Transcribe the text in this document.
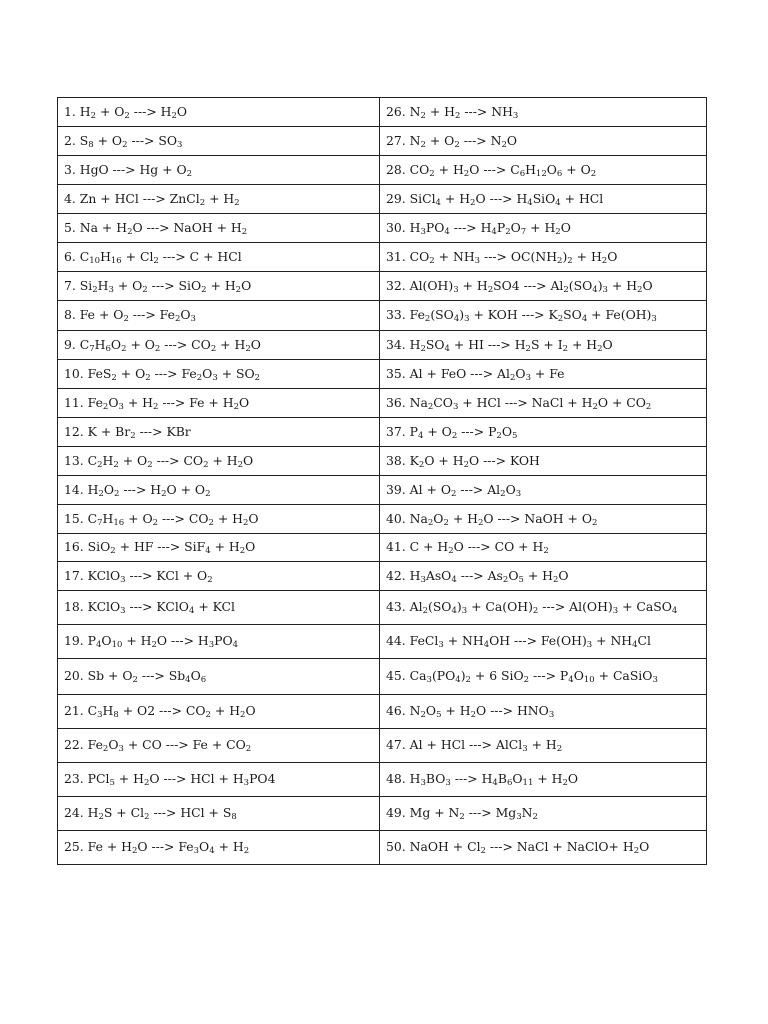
1. $H_2 + O_2$ ---> $H_2O$	26. $N_2 + H_2$ ---> $NH_3$
2. $S_8 + O_2$ ---> $SO_3$	27. $N_2 + O_2$ ---> $N_2O$
3. HgO ---> $Hg + O_2$	28. $CO_2 + H_2O$ ---> $C_6H_{12}O_6 + O_2$
4. Zn + HCl ---> ZnCl$_2$ + $H_2$	29. SiCl$_4$ + $H_2O$ ---> $H_4SiO_4$ + HCl
5. $Na + H_2O$ ---> NaOH + $H_2$	30. $H_3PO_4$ ---> $H_4P_2O_7 + H_2O$
6. $C_{10}H_{16} + Cl_2$ ---> C + HCl	31. $CO_2 + NH_3$ ---> $OC(NH_2)_2 + H_2O$
7. $Si_2H_3 + O_2$ ---> $SiO_2 + H_2O$	32. $Al(OH)_3 + H_2SO4$ ---> $Al_2(SO_4)_3 + H_2O$
8. $Fe + O_2$ ---> $Fe_2O_3$	33. $Fe_2(SO_4)_3$ + KOH ---> $K_2SO_4 + Fe(OH)_3$
9. $C_7H_6O_2 + O_2$ ---> $CO_2 + H_2O$	34. $H_2SO_4$ + HI ---> $H_2S + I_2 + H_2O$
10. $FeS_2 + O_2$ ---> $Fe_2O_3 + SO_2$	35. Al + FeO ---> $Al_2O_3 + Fe$
11. $Fe_2O_3 + H_2$ ---> $Fe + H_2O$	36. $Na_2CO_3$ + HCl ---> NaCl + $H_2O + CO_2$
12. $K + Br_2$ ---> KBr	37. $P_4 + O_2$ ---> $P_2O_5$
13. $C_2H_2 + O_2$ ---> $CO_2 + H_2O$	38. $K_2O + H_2O$ ---> KOH
14. $H_2O_2$ ---> $H_2O + O_2$	39. $Al + O_2$ ---> $Al_2O_3$
15. $C_7H_{16} + O_2$ ---> $CO_2 + H_2O$	40. $Na_2O_2 + H_2O$ ---> NaOH + $O_2$
16. SiO$_2$ + HF ---> $SiF_4 + H_2O$	41. $C + H_2O$ ---> CO + $H_2$
17. KClO$_3$ ---> KCl + $O_2$	42. $H_3AsO_4$ ---> $As_2O_5 + H_2O$
18. KClO$_3$ ---> KClO$_4$ + KCl	43. $Al_2(SO_4)_3 + Ca(OH)_2$ ---> $Al(OH)_3$ + CaSO$_4$
19. $P_4O_{10} + H_2O$ ---> $H_3PO_4$	44. FeCl$_3$ + $NH_4OH$ ---> $Fe(OH)_3 + NH_4Cl$
20. $Sb + O_2$ ---> $Sb_4O_6$	45. $Ca_3(PO_4)_2 + 6$ SiO$_2$ ---> $P_4O_{10}$ + CaSiO$_3$
21. $C_3H_8 + O2$ ---> $CO_2 + H_2O$	46. $N_2O_5 + H_2O$ ---> $HNO_3$
22. $Fe_2O_3$ + CO ---> $Fe + CO_2$	47. Al + HCl ---> AlCl$_3$ + $H_2$
23. $PCl_5 + H_2O$ ---> HCl + $H_3PO4$	48. $H_3BO_3$ ---> $H_4B_6O_{11} + H_2O$
24. $H_2S + Cl_2$ ---> HCl + $S_8$	49. $Mg + N_2$ ---> $Mg_3N_2$
25. $Fe + H_2O$ ---> $Fe_3O_4 + H_2$	50. NaOH + $Cl_2$ ---> NaCl + NaClO+ $H_2O$
